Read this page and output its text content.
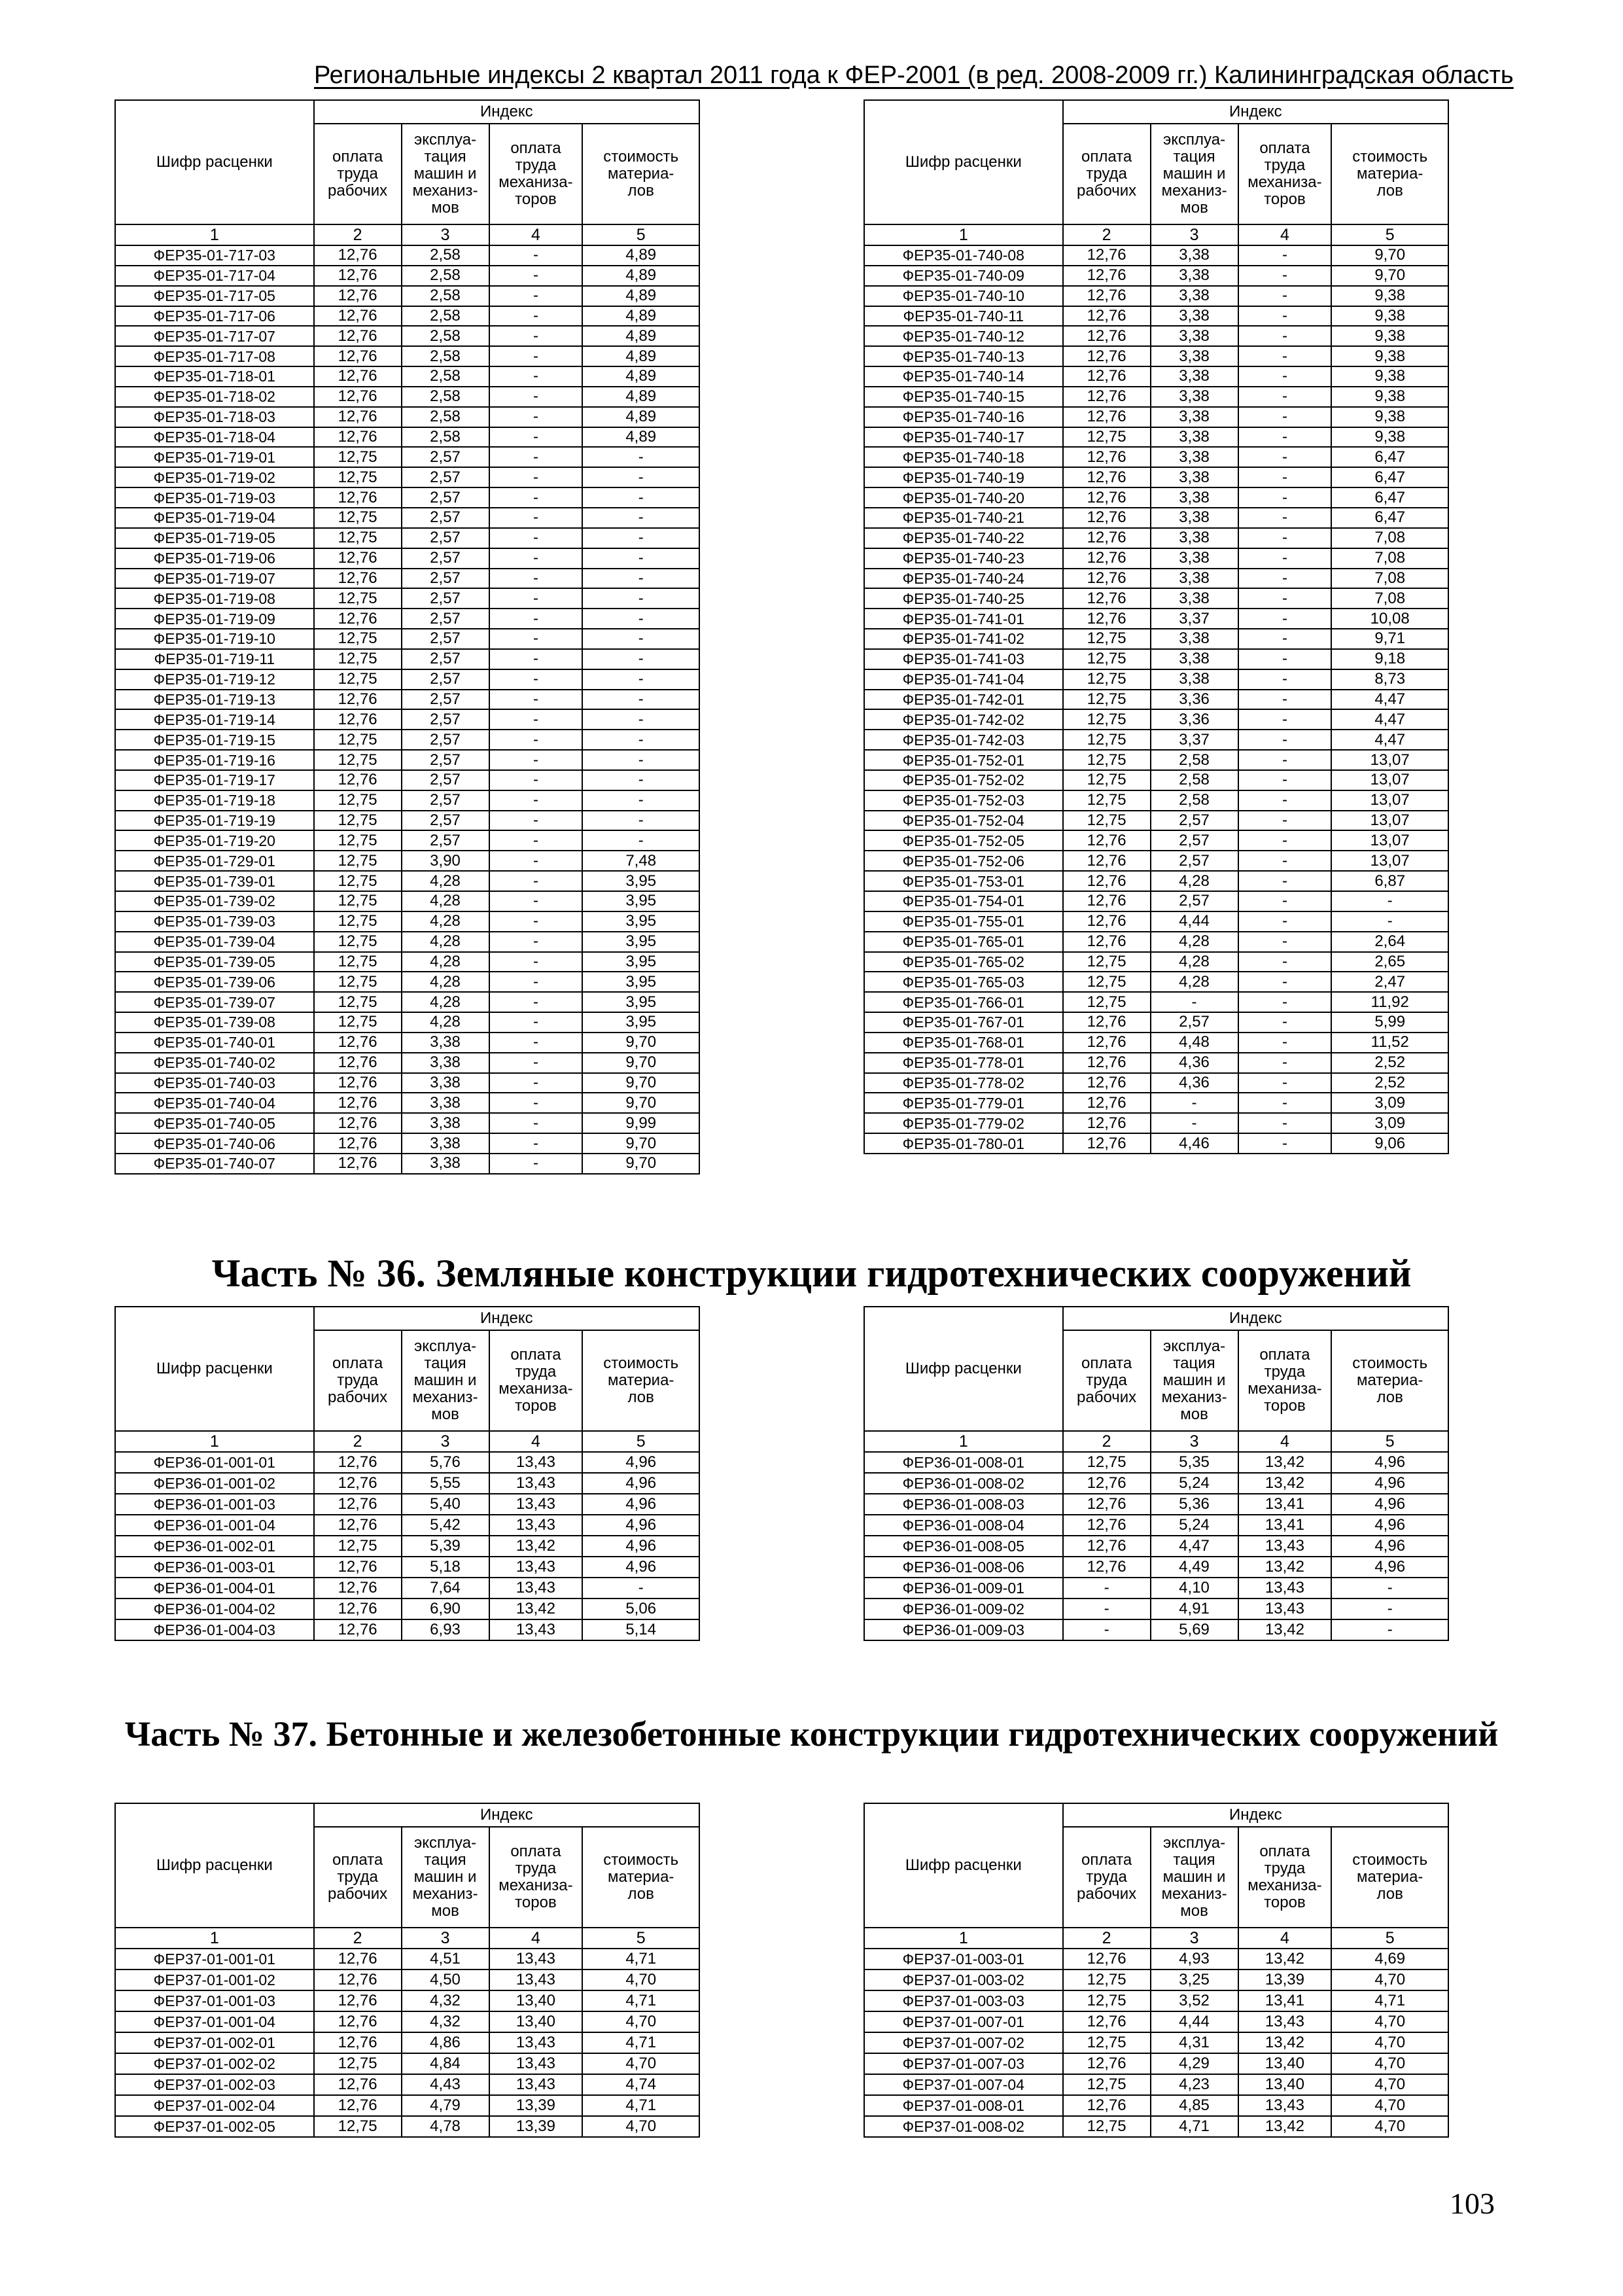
Региональные индексы 2 квартал 2011 года к ФЕР-2001 (в ред. 2008-2009 гг.) Калининградская область
Шифр расценки	Индекс			
	оплата
труда
рабочих	эксплуа-
тация
машин и
механиз-
мов	оплата
труда
механиза-
торов	стоимость
материа-
лов
1	2	3	4	5
ФЕР35-01-717-03	12,76	2,58	-	4,89
ФЕР35-01-717-04	12,76	2,58	-	4,89
ФЕР35-01-717-05	12,76	2,58	-	4,89
ФЕР35-01-717-06	12,76	2,58	-	4,89
ФЕР35-01-717-07	12,76	2,58	-	4,89
ФЕР35-01-717-08	12,76	2,58	-	4,89
ФЕР35-01-718-01	12,76	2,58	-	4,89
ФЕР35-01-718-02	12,76	2,58	-	4,89
ФЕР35-01-718-03	12,76	2,58	-	4,89
ФЕР35-01-718-04	12,76	2,58	-	4,89
ФЕР35-01-719-01	12,75	2,57	-	-
ФЕР35-01-719-02	12,75	2,57	-	-
ФЕР35-01-719-03	12,76	2,57	-	-
ФЕР35-01-719-04	12,75	2,57	-	-
ФЕР35-01-719-05	12,75	2,57	-	-
ФЕР35-01-719-06	12,76	2,57	-	-
ФЕР35-01-719-07	12,76	2,57	-	-
ФЕР35-01-719-08	12,75	2,57	-	-
ФЕР35-01-719-09	12,76	2,57	-	-
ФЕР35-01-719-10	12,75	2,57	-	-
ФЕР35-01-719-11	12,75	2,57	-	-
ФЕР35-01-719-12	12,75	2,57	-	-
ФЕР35-01-719-13	12,76	2,57	-	-
ФЕР35-01-719-14	12,76	2,57	-	-
ФЕР35-01-719-15	12,75	2,57	-	-
ФЕР35-01-719-16	12,75	2,57	-	-
ФЕР35-01-719-17	12,76	2,57	-	-
ФЕР35-01-719-18	12,75	2,57	-	-
ФЕР35-01-719-19	12,75	2,57	-	-
ФЕР35-01-719-20	12,75	2,57	-	-
ФЕР35-01-729-01	12,75	3,90	-	7,48
ФЕР35-01-739-01	12,75	4,28	-	3,95
ФЕР35-01-739-02	12,75	4,28	-	3,95
ФЕР35-01-739-03	12,75	4,28	-	3,95
ФЕР35-01-739-04	12,75	4,28	-	3,95
ФЕР35-01-739-05	12,75	4,28	-	3,95
ФЕР35-01-739-06	12,75	4,28	-	3,95
ФЕР35-01-739-07	12,75	4,28	-	3,95
ФЕР35-01-739-08	12,75	4,28	-	3,95
ФЕР35-01-740-01	12,76	3,38	-	9,70
ФЕР35-01-740-02	12,76	3,38	-	9,70
ФЕР35-01-740-03	12,76	3,38	-	9,70
ФЕР35-01-740-04	12,76	3,38	-	9,70
ФЕР35-01-740-05	12,76	3,38	-	9,99
ФЕР35-01-740-06	12,76	3,38	-	9,70
ФЕР35-01-740-07	12,76	3,38	-	9,70
Шифр расценки	Индекс			
	оплата
труда
рабочих	эксплуа-
тация
машин и
механиз-
мов	оплата
труда
механиза-
торов	стоимость
материа-
лов
1	2	3	4	5
ФЕР35-01-740-08	12,76	3,38	-	9,70
ФЕР35-01-740-09	12,76	3,38	-	9,70
ФЕР35-01-740-10	12,76	3,38	-	9,38
ФЕР35-01-740-11	12,76	3,38	-	9,38
ФЕР35-01-740-12	12,76	3,38	-	9,38
ФЕР35-01-740-13	12,76	3,38	-	9,38
ФЕР35-01-740-14	12,76	3,38	-	9,38
ФЕР35-01-740-15	12,76	3,38	-	9,38
ФЕР35-01-740-16	12,76	3,38	-	9,38
ФЕР35-01-740-17	12,75	3,38	-	9,38
ФЕР35-01-740-18	12,76	3,38	-	6,47
ФЕР35-01-740-19	12,76	3,38	-	6,47
ФЕР35-01-740-20	12,76	3,38	-	6,47
ФЕР35-01-740-21	12,76	3,38	-	6,47
ФЕР35-01-740-22	12,76	3,38	-	7,08
ФЕР35-01-740-23	12,76	3,38	-	7,08
ФЕР35-01-740-24	12,76	3,38	-	7,08
ФЕР35-01-740-25	12,76	3,38	-	7,08
ФЕР35-01-741-01	12,76	3,37	-	10,08
ФЕР35-01-741-02	12,75	3,38	-	9,71
ФЕР35-01-741-03	12,75	3,38	-	9,18
ФЕР35-01-741-04	12,75	3,38	-	8,73
ФЕР35-01-742-01	12,75	3,36	-	4,47
ФЕР35-01-742-02	12,75	3,36	-	4,47
ФЕР35-01-742-03	12,75	3,37	-	4,47
ФЕР35-01-752-01	12,75	2,58	-	13,07
ФЕР35-01-752-02	12,75	2,58	-	13,07
ФЕР35-01-752-03	12,75	2,58	-	13,07
ФЕР35-01-752-04	12,75	2,57	-	13,07
ФЕР35-01-752-05	12,76	2,57	-	13,07
ФЕР35-01-752-06	12,76	2,57	-	13,07
ФЕР35-01-753-01	12,76	4,28	-	6,87
ФЕР35-01-754-01	12,76	2,57	-	-
ФЕР35-01-755-01	12,76	4,44	-	-
ФЕР35-01-765-01	12,76	4,28	-	2,64
ФЕР35-01-765-02	12,75	4,28	-	2,65
ФЕР35-01-765-03	12,75	4,28	-	2,47
ФЕР35-01-766-01	12,75	-	-	11,92
ФЕР35-01-767-01	12,76	2,57	-	5,99
ФЕР35-01-768-01	12,76	4,48	-	11,52
ФЕР35-01-778-01	12,76	4,36	-	2,52
ФЕР35-01-778-02	12,76	4,36	-	2,52
ФЕР35-01-779-01	12,76	-	-	3,09
ФЕР35-01-779-02	12,76	-	-	3,09
ФЕР35-01-780-01	12,76	4,46	-	9,06
Часть № 36. Земляные конструкции гидротехнических сооружений
Шифр расценки	Индекс			
	оплата
труда
рабочих	эксплуа-
тация
машин и
механиз-
мов	оплата
труда
механиза-
торов	стоимость
материа-
лов
1	2	3	4	5
ФЕР36-01-001-01	12,76	5,76	13,43	4,96
ФЕР36-01-001-02	12,76	5,55	13,43	4,96
ФЕР36-01-001-03	12,76	5,40	13,43	4,96
ФЕР36-01-001-04	12,76	5,42	13,43	4,96
ФЕР36-01-002-01	12,75	5,39	13,42	4,96
ФЕР36-01-003-01	12,76	5,18	13,43	4,96
ФЕР36-01-004-01	12,76	7,64	13,43	-
ФЕР36-01-004-02	12,76	6,90	13,42	5,06
ФЕР36-01-004-03	12,76	6,93	13,43	5,14
Шифр расценки	Индекс			
	оплата
труда
рабочих	эксплуа-
тация
машин и
механиз-
мов	оплата
труда
механиза-
торов	стоимость
материа-
лов
1	2	3	4	5
ФЕР36-01-008-01	12,75	5,35	13,42	4,96
ФЕР36-01-008-02	12,76	5,24	13,42	4,96
ФЕР36-01-008-03	12,76	5,36	13,41	4,96
ФЕР36-01-008-04	12,76	5,24	13,41	4,96
ФЕР36-01-008-05	12,76	4,47	13,43	4,96
ФЕР36-01-008-06	12,76	4,49	13,42	4,96
ФЕР36-01-009-01	-	4,10	13,43	-
ФЕР36-01-009-02	-	4,91	13,43	-
ФЕР36-01-009-03	-	5,69	13,42	-
Часть № 37. Бетонные и железобетонные конструкции гидротехнических сооружений
Шифр расценки	Индекс			
	оплата
труда
рабочих	эксплуа-
тация
машин и
механиз-
мов	оплата
труда
механиза-
торов	стоимость
материа-
лов
1	2	3	4	5
ФЕР37-01-001-01	12,76	4,51	13,43	4,71
ФЕР37-01-001-02	12,76	4,50	13,43	4,70
ФЕР37-01-001-03	12,76	4,32	13,40	4,71
ФЕР37-01-001-04	12,76	4,32	13,40	4,70
ФЕР37-01-002-01	12,76	4,86	13,43	4,71
ФЕР37-01-002-02	12,75	4,84	13,43	4,70
ФЕР37-01-002-03	12,76	4,43	13,43	4,74
ФЕР37-01-002-04	12,76	4,79	13,39	4,71
ФЕР37-01-002-05	12,75	4,78	13,39	4,70
Шифр расценки	Индекс			
	оплата
труда
рабочих	эксплуа-
тация
машин и
механиз-
мов	оплата
труда
механиза-
торов	стоимость
материа-
лов
1	2	3	4	5
ФЕР37-01-003-01	12,76	4,93	13,42	4,69
ФЕР37-01-003-02	12,75	3,25	13,39	4,70
ФЕР37-01-003-03	12,75	3,52	13,41	4,71
ФЕР37-01-007-01	12,76	4,44	13,43	4,70
ФЕР37-01-007-02	12,75	4,31	13,42	4,70
ФЕР37-01-007-03	12,76	4,29	13,40	4,70
ФЕР37-01-007-04	12,75	4,23	13,40	4,70
ФЕР37-01-008-01	12,76	4,85	13,43	4,70
ФЕР37-01-008-02	12,75	4,71	13,42	4,70
103
